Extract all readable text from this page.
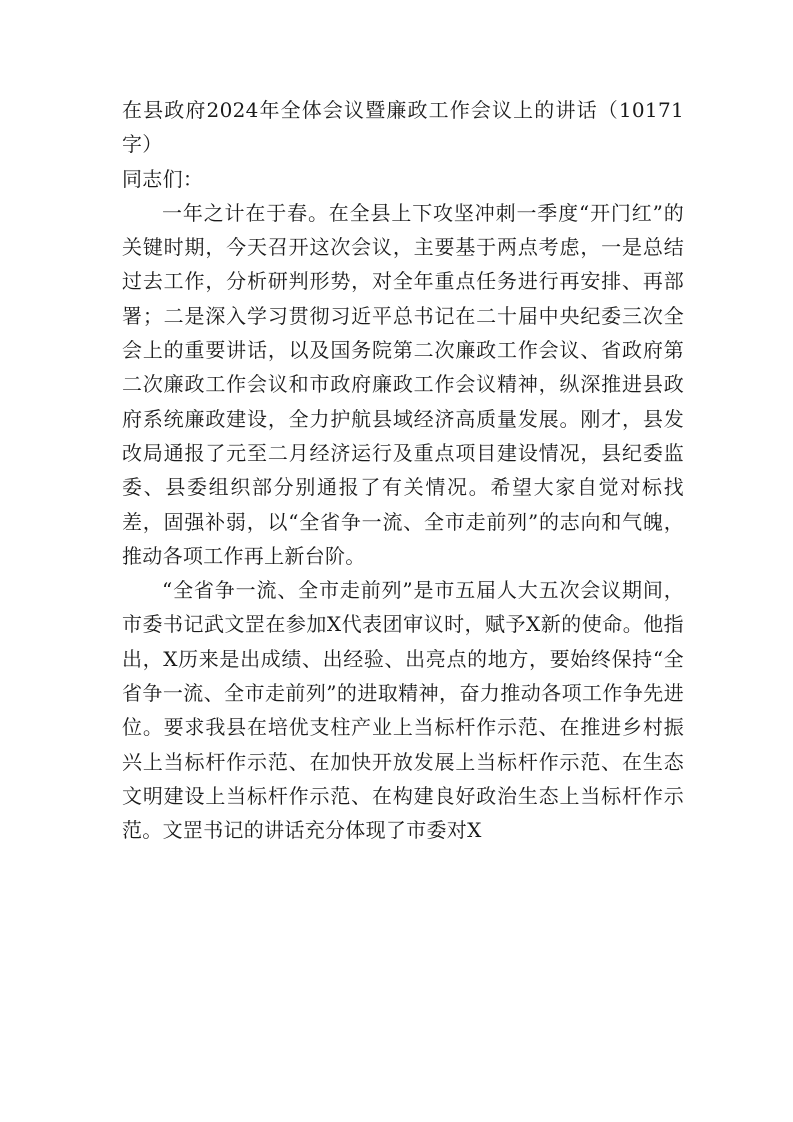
在县政府2024年全体会议暨廉政工作会议上的讲话（10171

字）

同志们：

一年之计在于春。在全县上下攻坚冲刺一季度“开门红”的关键时期，今天召开这次会议，主要基于两点考虑，一是总结过去工作，分析研判形势，对全年重点任务进行再安排、再部署；二是深入学习贯彻习近平总书记在二十届中央纪委三次全会上的重要讲话，以及国务院第二次廉政工作会议、省政府第二次廉政工作会议和市政府廉政工作会议精神，纵深推进县政府系统廉政建设，全力护航县域经济高质量发展。刚才，县发改局通报了元至二月经济运行及重点项目建设情况，县纪委监委、县委组织部分别通报了有关情况。希望大家自觉对标找差，固强补弱，以“全省争一流、全市走前列”的志向和气魄，推动各项工作再上新台阶。

“全省争一流、全市走前列”是市五届人大五次会议期间，市委书记武文罡在参加X代表团审议时，赋予X新的使命。他指出，X历来是出成绩、出经验、出亮点的地方，要始终保持“全省争一流、全市走前列”的进取精神，奋力推动各项工作争先进位。要求我县在培优支柱产业上当标杆作示范、在推进乡村振兴上当标杆作示范、在加快开放发展上当标杆作示范、在生态文明建设上当标杆作示范、在构建良好政治生态上当标杆作示范。文罡书记的讲话充分体现了市委对X
